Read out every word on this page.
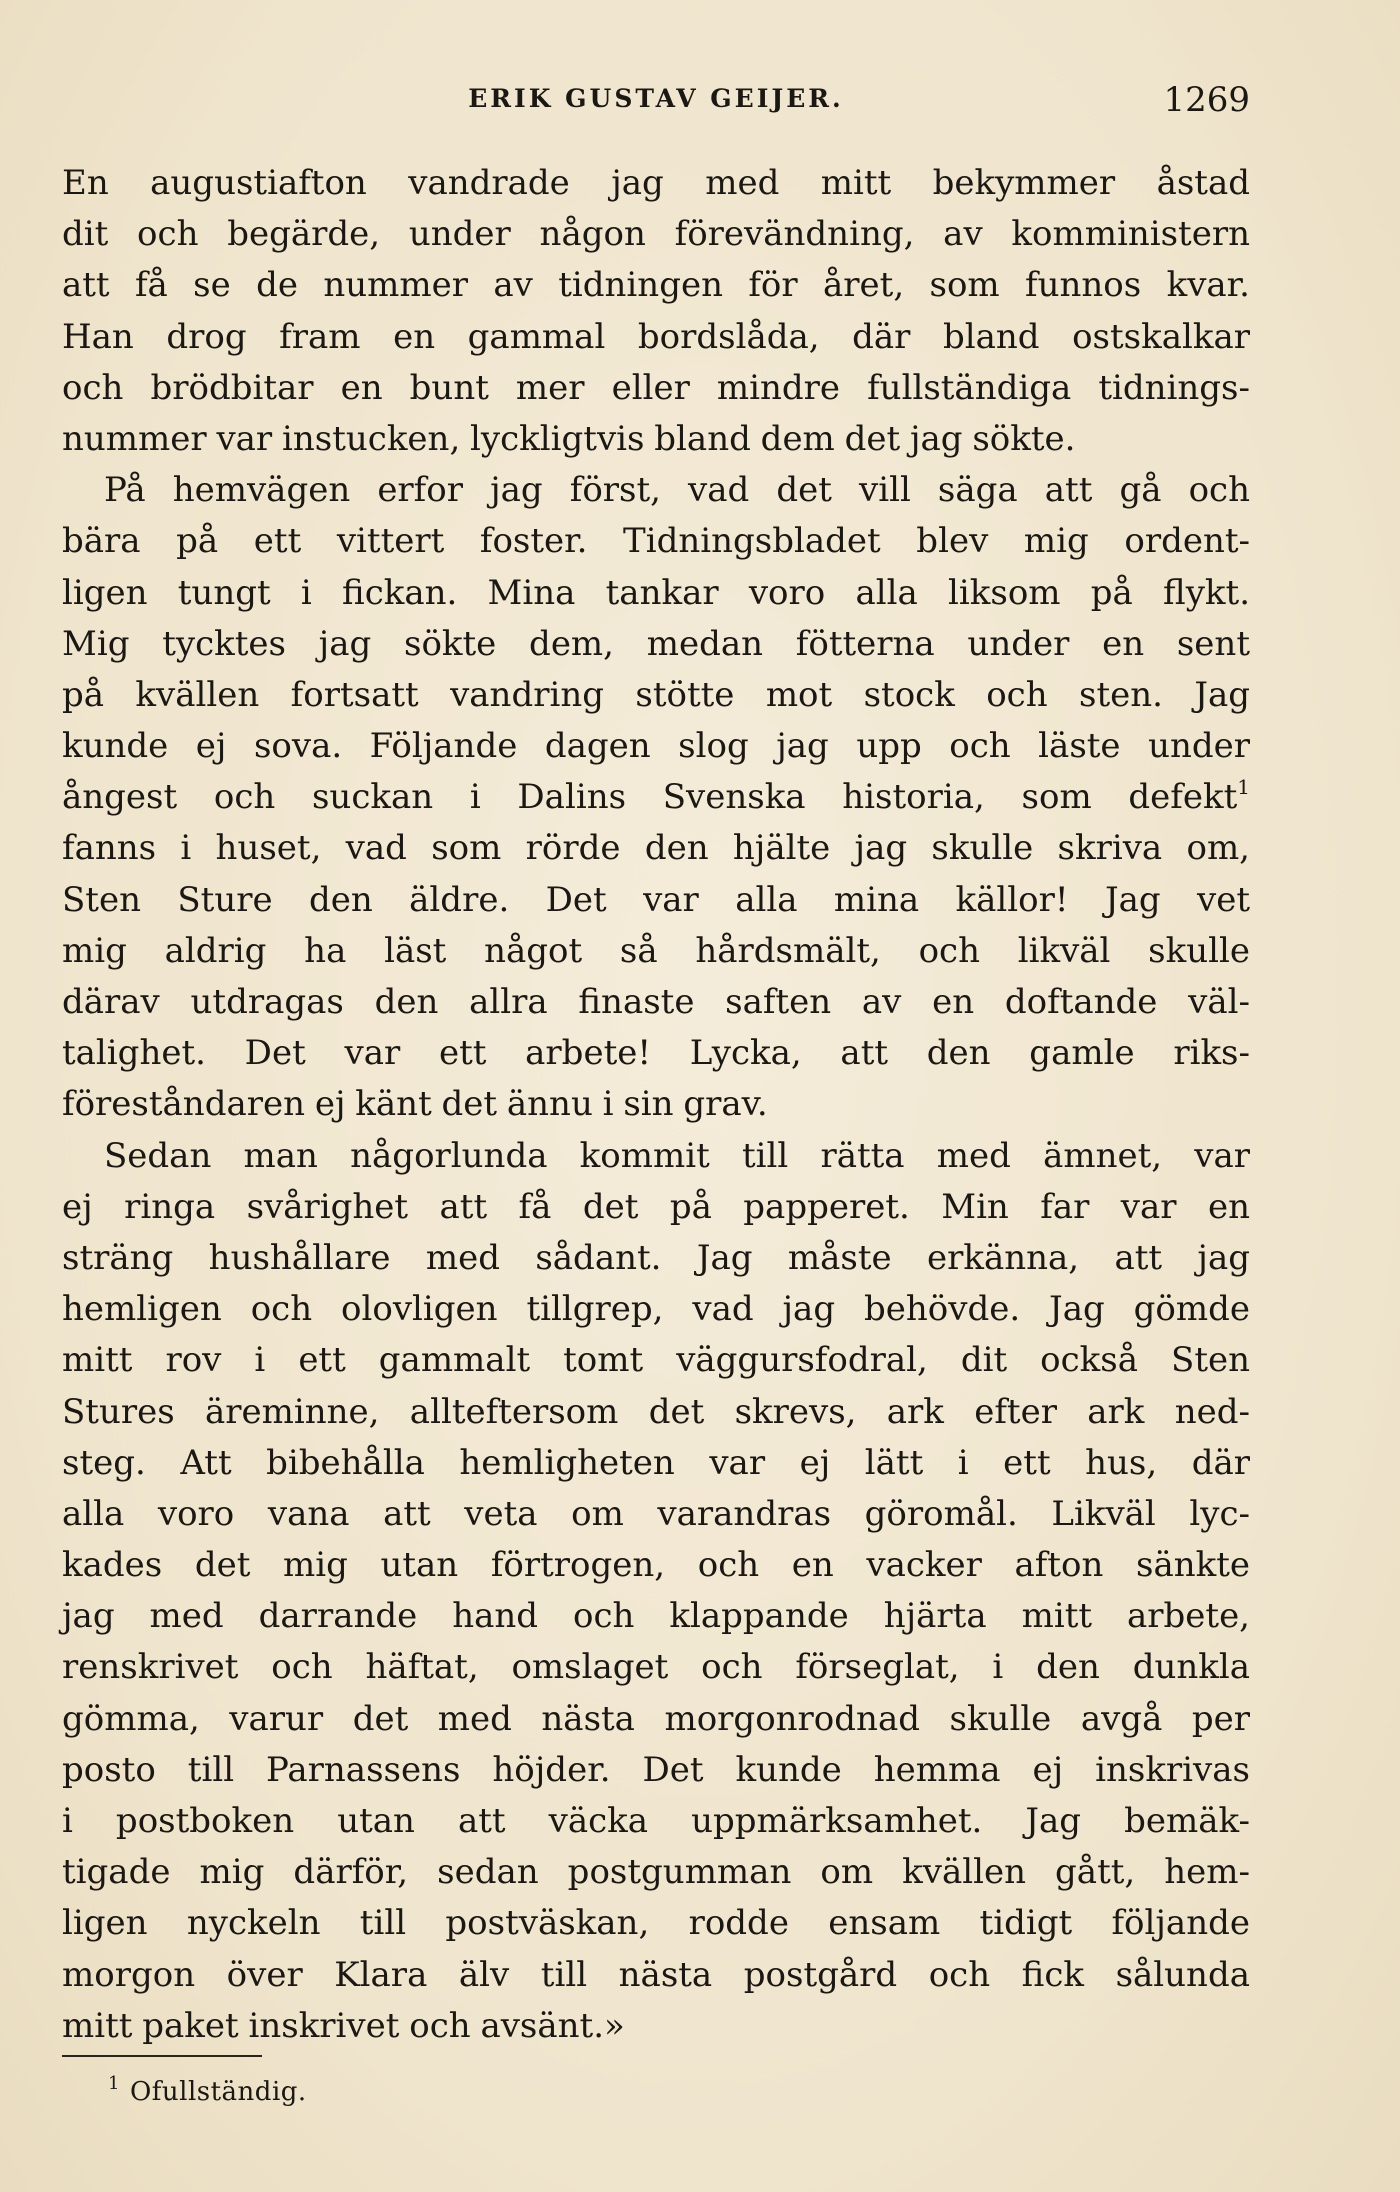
ERIK GUSTAV GEIJER.	1269
En augustiafton vandrade jag med mitt bekymmer åstad
dit och begärde, under någon förevändning, av komministern
att få se de nummer av tidningen för året, som funnos kvar.
Han drog fram en gammal bordslåda, där bland ostskalkar
och brödbitar en bunt mer eller mindre fullständiga tidnings-
nummer var instucken, lyckligtvis bland dem det jag sökte.
På hemvägen erfor jag först, vad det vill säga att gå och
bära på ett vittert foster. Tidningsbladet blev mig ordent-
ligen tungt i fickan. Mina tankar voro alla liksom på flykt.
Mig tycktes jag sökte dem, medan fötterna under en sent
på kvällen fortsatt vandring stötte mot stock och sten. Jag
kunde ej sova. Följande dagen slog jag upp och läste under
ångest och suckan i Dalins Svenska historia, som defekt$^1$
fanns i huset, vad som rörde den hjälte jag skulle skriva om,
Sten Sture den äldre. Det var alla mina källor! Jag vet
mig aldrig ha läst något så hårdsmält, och likväl skulle
därav utdragas den allra finaste saften av en doftande väl-
talighet. Det var ett arbete! Lycka, att den gamle riks-
föreståndaren ej känt det ännu i sin grav.
Sedan man någorlunda kommit till rätta med ämnet, var
ej ringa svårighet att få det på papperet. Min far var en
sträng hushållare med sådant. Jag måste erkänna, att jag
hemligen och olovligen tillgrep, vad jag behövde. Jag gömde
mitt rov i ett gammalt tomt väggursfodral, dit också Sten
Stures äreminne, allteftersom det skrevs, ark efter ark ned-
steg. Att bibehålla hemligheten var ej lätt i ett hus, där
alla voro vana att veta om varandras göromål. Likväl lyc-
kades det mig utan förtrogen, och en vacker afton sänkte
jag med darrande hand och klappande hjärta mitt arbete,
renskrivet och häftat, omslaget och förseglat, i den dunkla
gömma, varur det med nästa morgonrodnad skulle avgå per
posto till Parnassens höjder. Det kunde hemma ej inskrivas
i postboken utan att väcka uppmärksamhet. Jag bemäk-
tigade mig därför, sedan postgumman om kvällen gått, hem-
ligen nyckeln till postväskan, rodde ensam tidigt följande
morgon över Klara älv till nästa postgård och fick sålunda
mitt paket inskrivet och avsänt.»
$^1$ Ofullständig.
